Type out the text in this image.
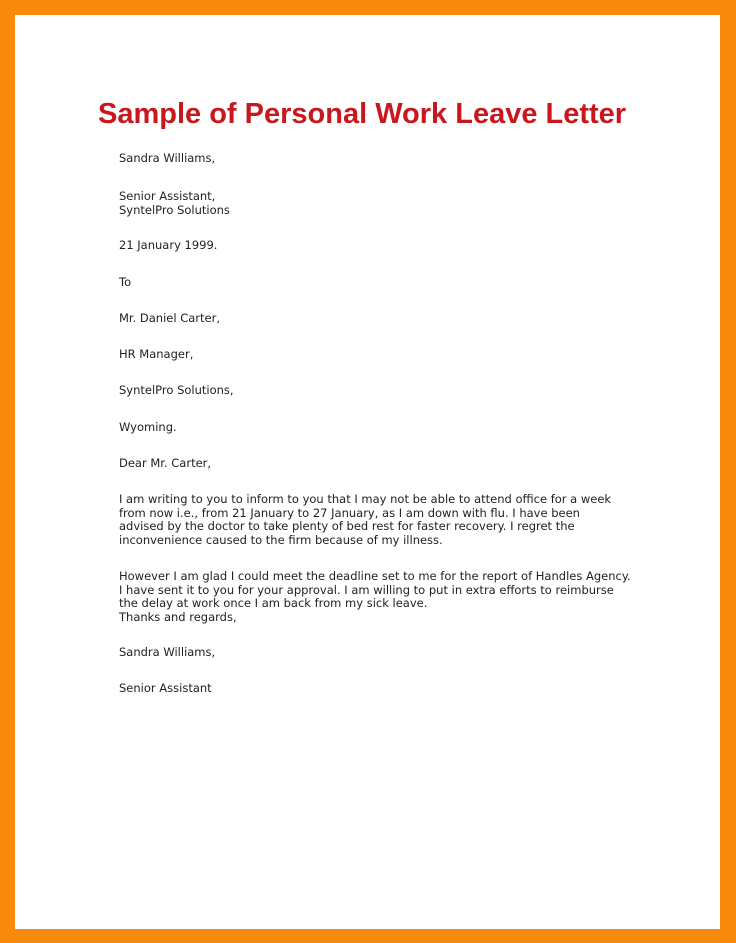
Sample of Personal Work Leave Letter

Sandra Williams,

Senior Assistant,

SyntelPro Solutions

21 January 1999.

To

Mr. Daniel Carter,

HR Manager,

SyntelPro Solutions,

Wyoming.

Dear Mr. Carter,

I am writing to you to inform to you that I may not be able to attend office for a week

from now i.e., from 21 January to 27 January, as I am down with flu. I have been

advised by the doctor to take plenty of bed rest for faster recovery. I regret the

inconvenience caused to the firm because of my illness.

However I am glad I could meet the deadline set to me for the report of Handles Agency.

I have sent it to you for your approval. I am willing to put in extra efforts to reimburse

the delay at work once I am back from my sick leave.

Thanks and regards,

Sandra Williams,

Senior Assistant
